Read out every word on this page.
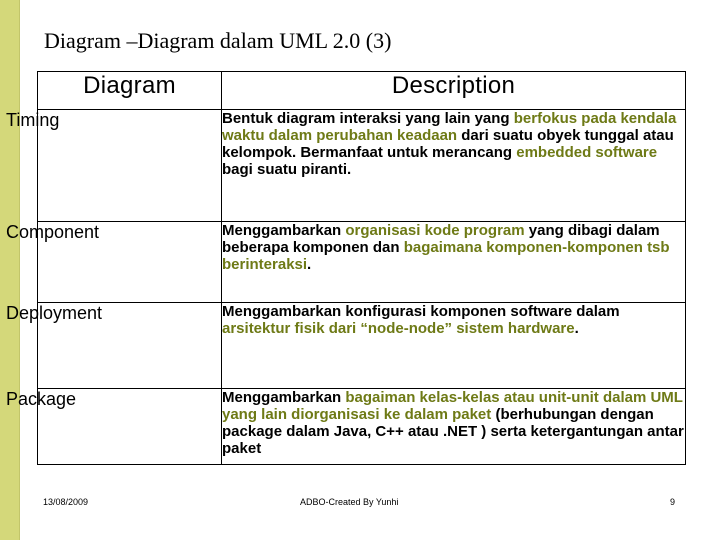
Diagram –Diagram dalam UML 2.0 (3)
Diagram	Description
Timing	Bentuk diagram interaksi yang lain yang berfokus pada kendala waktu dalam perubahan keadaan dari suatu obyek tunggal atau kelompok. Bermanfaat untuk merancang embedded software bagi suatu piranti.
Component	Menggambarkan organisasi kode program yang dibagi dalam beberapa komponen dan bagaimana komponen-komponen tsb berinteraksi.
Deployment	Menggambarkan konfigurasi komponen software dalam arsitektur fisik dari “node-node” sistem hardware.
Package	Menggambarkan bagaiman kelas-kelas atau unit-unit dalam UML yang lain diorganisasi ke dalam paket (berhubungan dengan package dalam Java, C++ atau .NET ) serta ketergantungan antar paket
13/08/2009	ADBO-Created By Yunhi	9
